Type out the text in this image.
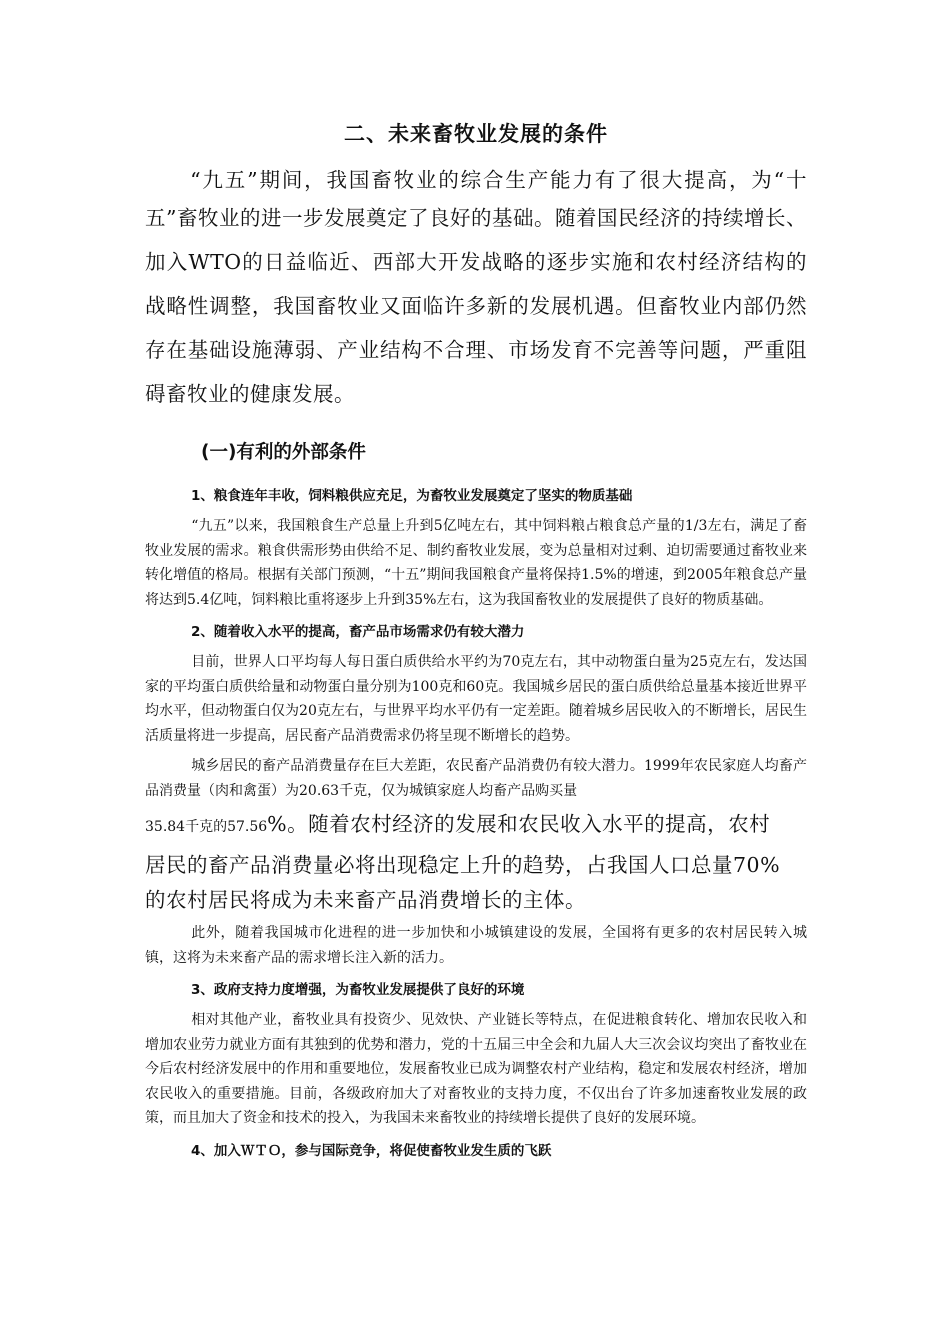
二、未来畜牧业发展的条件

“九五”期间，我国畜牧业的综合生产能力有了很大提高，为“十五”畜牧业的进一步发展奠定了良好的基础。随着国民经济的持续增长、加入WTO的日益临近、西部大开发战略的逐步实施和农村经济结构的战略性调整，我国畜牧业又面临许多新的发展机遇。但畜牧业内部仍然存在基础设施薄弱、产业结构不合理、市场发育不完善等问题，严重阻碍畜牧业的健康发展。

(一)有利的外部条件
1、粮食连年丰收，饲料粮供应充足，为畜牧业发展奠定了坚实的物质基础

“九五”以来，我国粮食生产总量上升到5亿吨左右，其中饲料粮占粮食总产量的1/3左右，满足了畜牧业发展的需求。粮食供需形势由供给不足、制约畜牧业发展，变为总量相对过剩、迫切需要通过畜牧业来转化增值的格局。根据有关部门预测，“十五”期间我国粮食产量将保持1.5%的增速，到2005年粮食总产量将达到5.4亿吨，饲料粮比重将逐步上升到35%左右，这为我国畜牧业的发展提供了良好的物质基础。

2、随着收入水平的提高，畜产品市场需求仍有较大潜力

目前，世界人口平均每人每日蛋白质供给水平约为70克左右，其中动物蛋白量为25克左右，发达国家的平均蛋白质供给量和动物蛋白量分别为100克和60克。我国城乡居民的蛋白质供给总量基本接近世界平均水平，但动物蛋白仅为20克左右，与世界平均水平仍有一定差距。随着城乡居民收入的不断增长，居民生活质量将进一步提高，居民畜产品消费需求仍将呈现不断增长的趋势。

城乡居民的畜产品消费量存在巨大差距，农民畜产品消费仍有较大潜力。1999年农民家庭人均畜产品消费量（肉和禽蛋）为20.63千克，仅为城镇家庭人均畜产品购买量
35.84千克的57.56%。随着农村经济的发展和农民收入水平的提高，农村
居民的畜产品消费量必将出现稳定上升的趋势，占我国人口总量70%
的农村居民将成为未来畜产品消费增长的主体。

此外，随着我国城市化进程的进一步加快和小城镇建设的发展，全国将有更多的农村居民转入城镇，这将为未来畜产品的需求增长注入新的活力。

3、政府支持力度增强，为畜牧业发展提供了良好的环境

相对其他产业，畜牧业具有投资少、见效快、产业链长等特点，在促进粮食转化、增加农民收入和增加农业劳力就业方面有其独到的优势和潜力，党的十五届三中全会和九届人大三次会议均突出了畜牧业在今后农村经济发展中的作用和重要地位，发展畜牧业已成为调整农村产业结构，稳定和发展农村经济，增加农民收入的重要措施。目前，各级政府加大了对畜牧业的支持力度，不仅出台了许多加速畜牧业发展的政策，而且加大了资金和技术的投入，为我国未来畜牧业的持续增长提供了良好的发展环境。

4、加入ＷＴＯ，参与国际竞争，将促使畜牧业发生质的飞跃
